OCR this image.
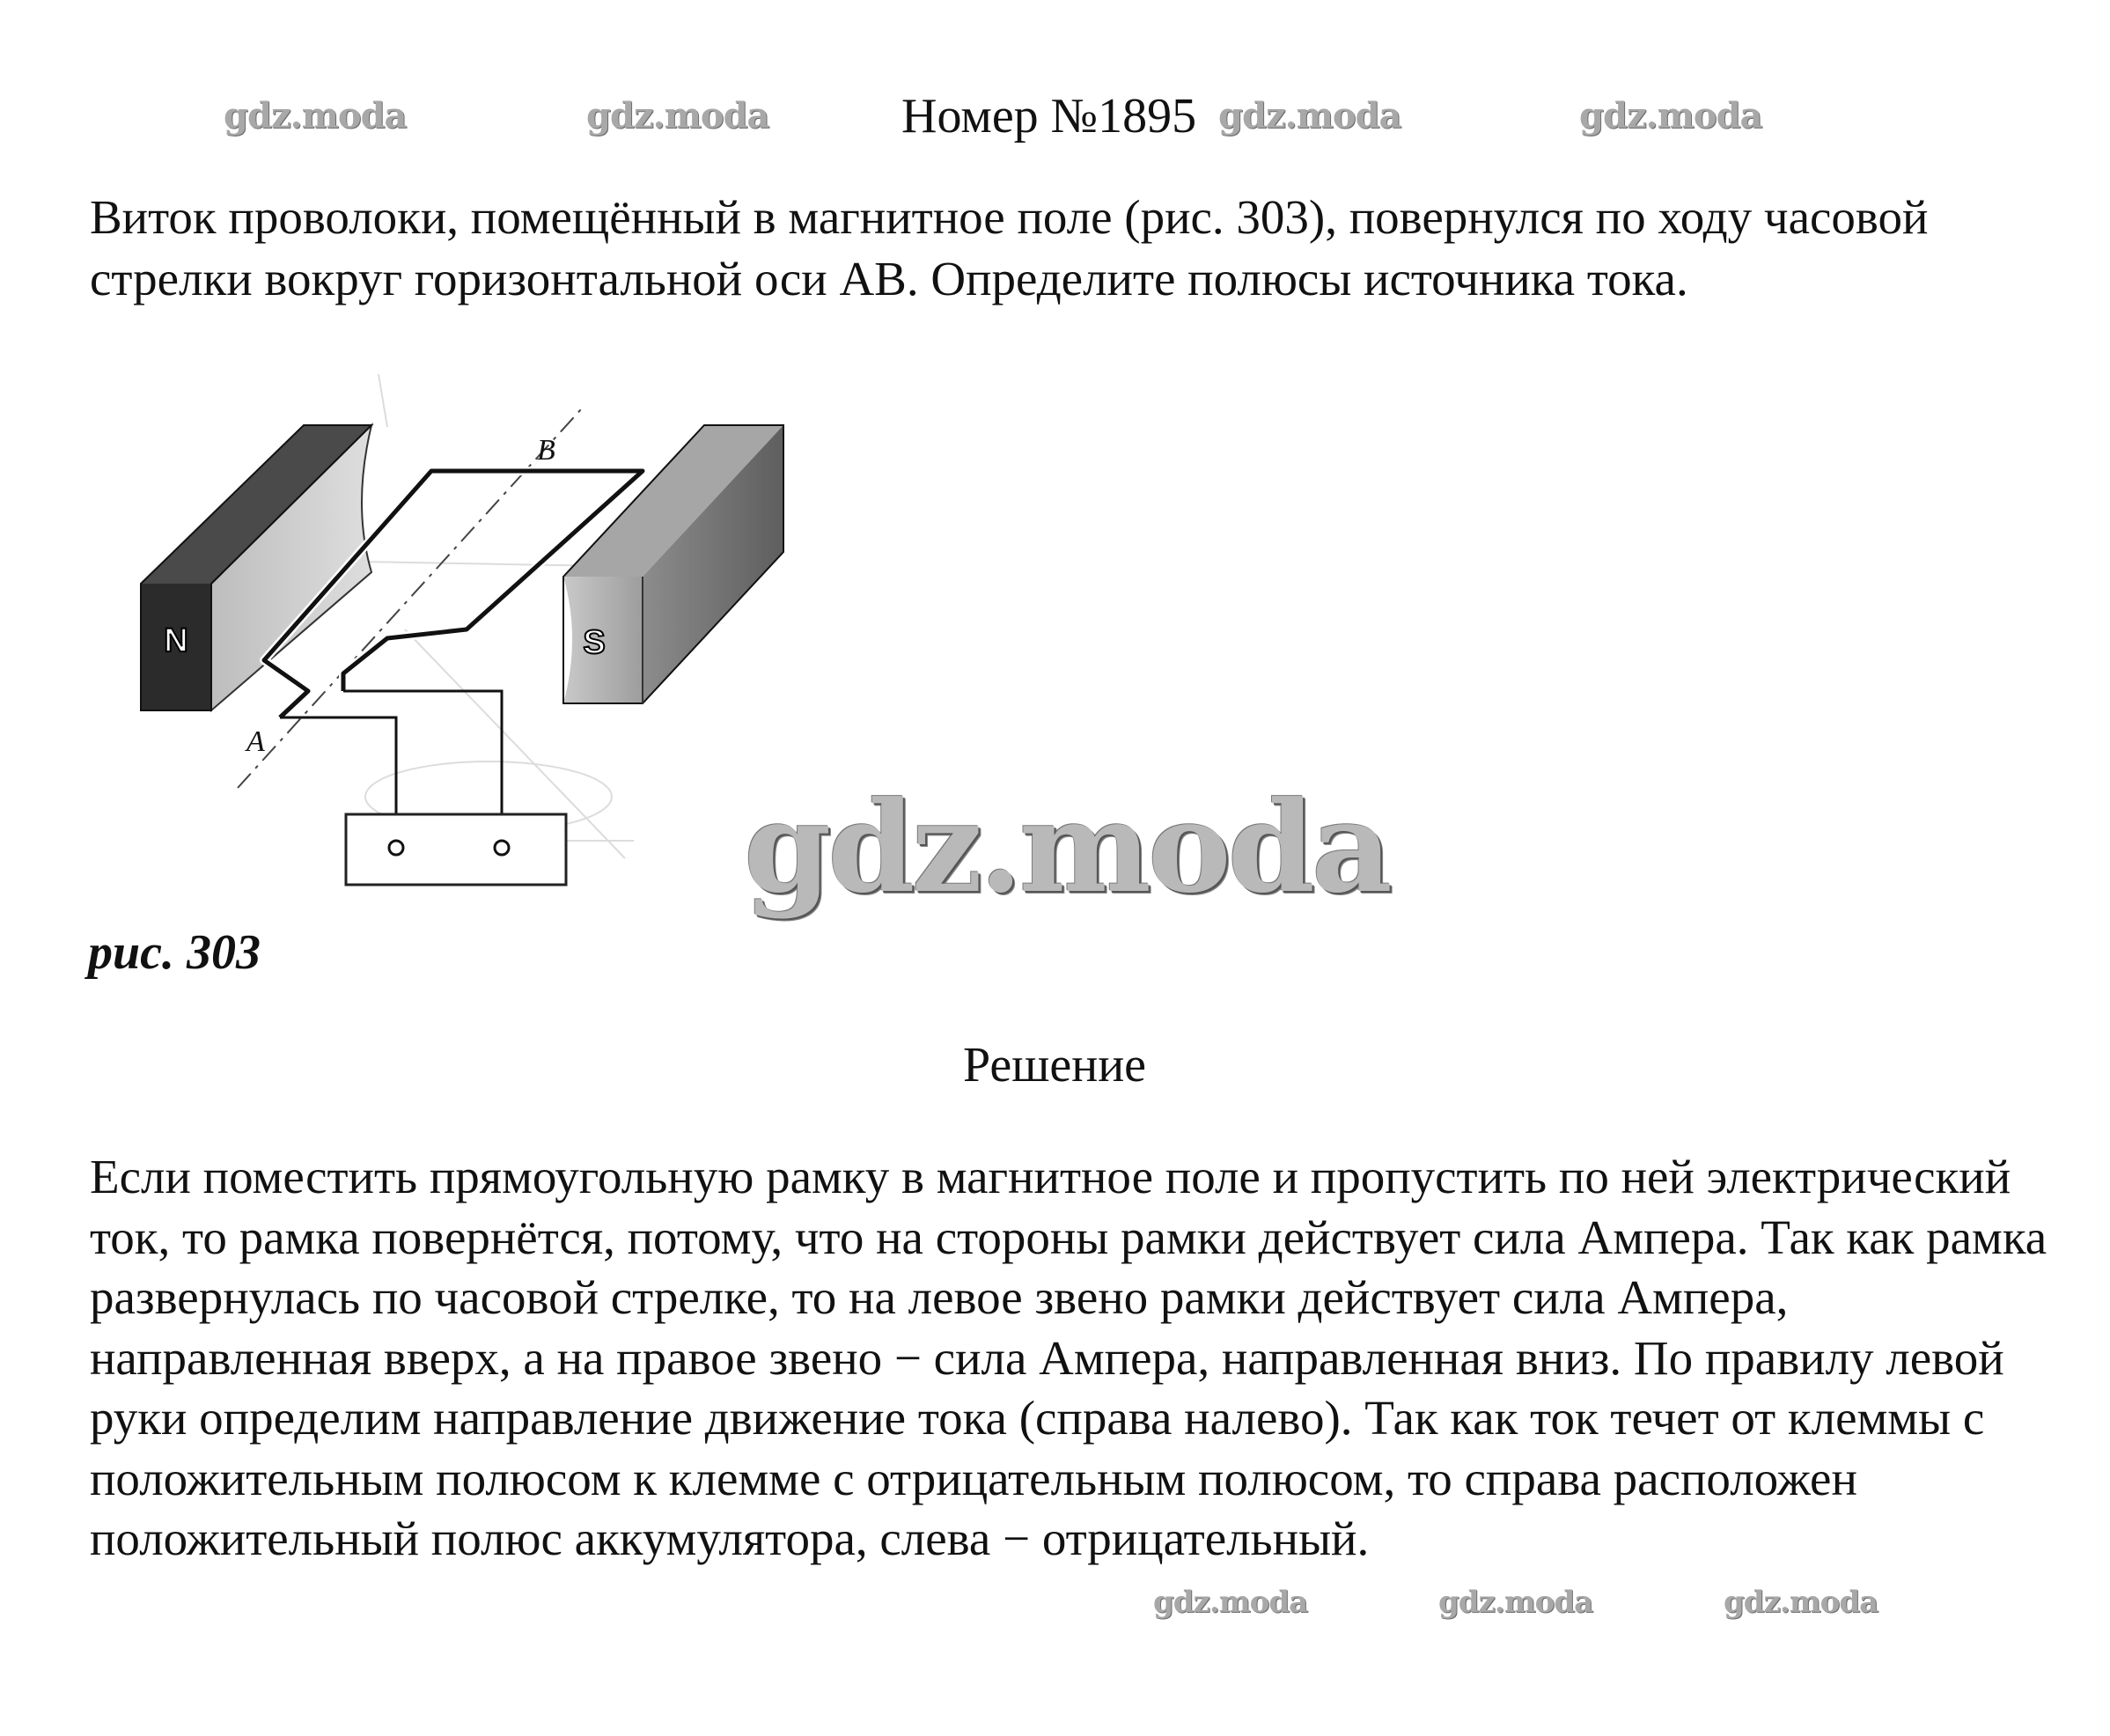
gdz.moda	gdz.moda	gdz.moda	gdz.moda
Номер №1895

Виток проволоки, помещённый в магнитное поле (рис. 303), повернулся по ходу часовой стрелки вокруг горизонтальной оси АВ. Определите полюсы источника тока.

N	S
A
B
gdz.moda
рис. 303
Решение

Если поместить прямоугольную рамку в магнитное поле и пропустить по ней электрический ток, то рамка повернётся, потому, что на стороны рамки действует сила Ампера. Так как рамка развернулась по часовой стрелке, то на левое звено рамки действует сила Ампера, направленная вверх, а на правое звено − сила Ампера, направленная вниз. По правилу левой руки определим направление движение тока (справа налево). Так как ток течет от клеммы с положительным полюсом к клемме с отрицательным полюсом, то справа расположен положительный полюс аккумулятора, слева − отрицательный.

gdz.moda	gdz.moda	gdz.moda
